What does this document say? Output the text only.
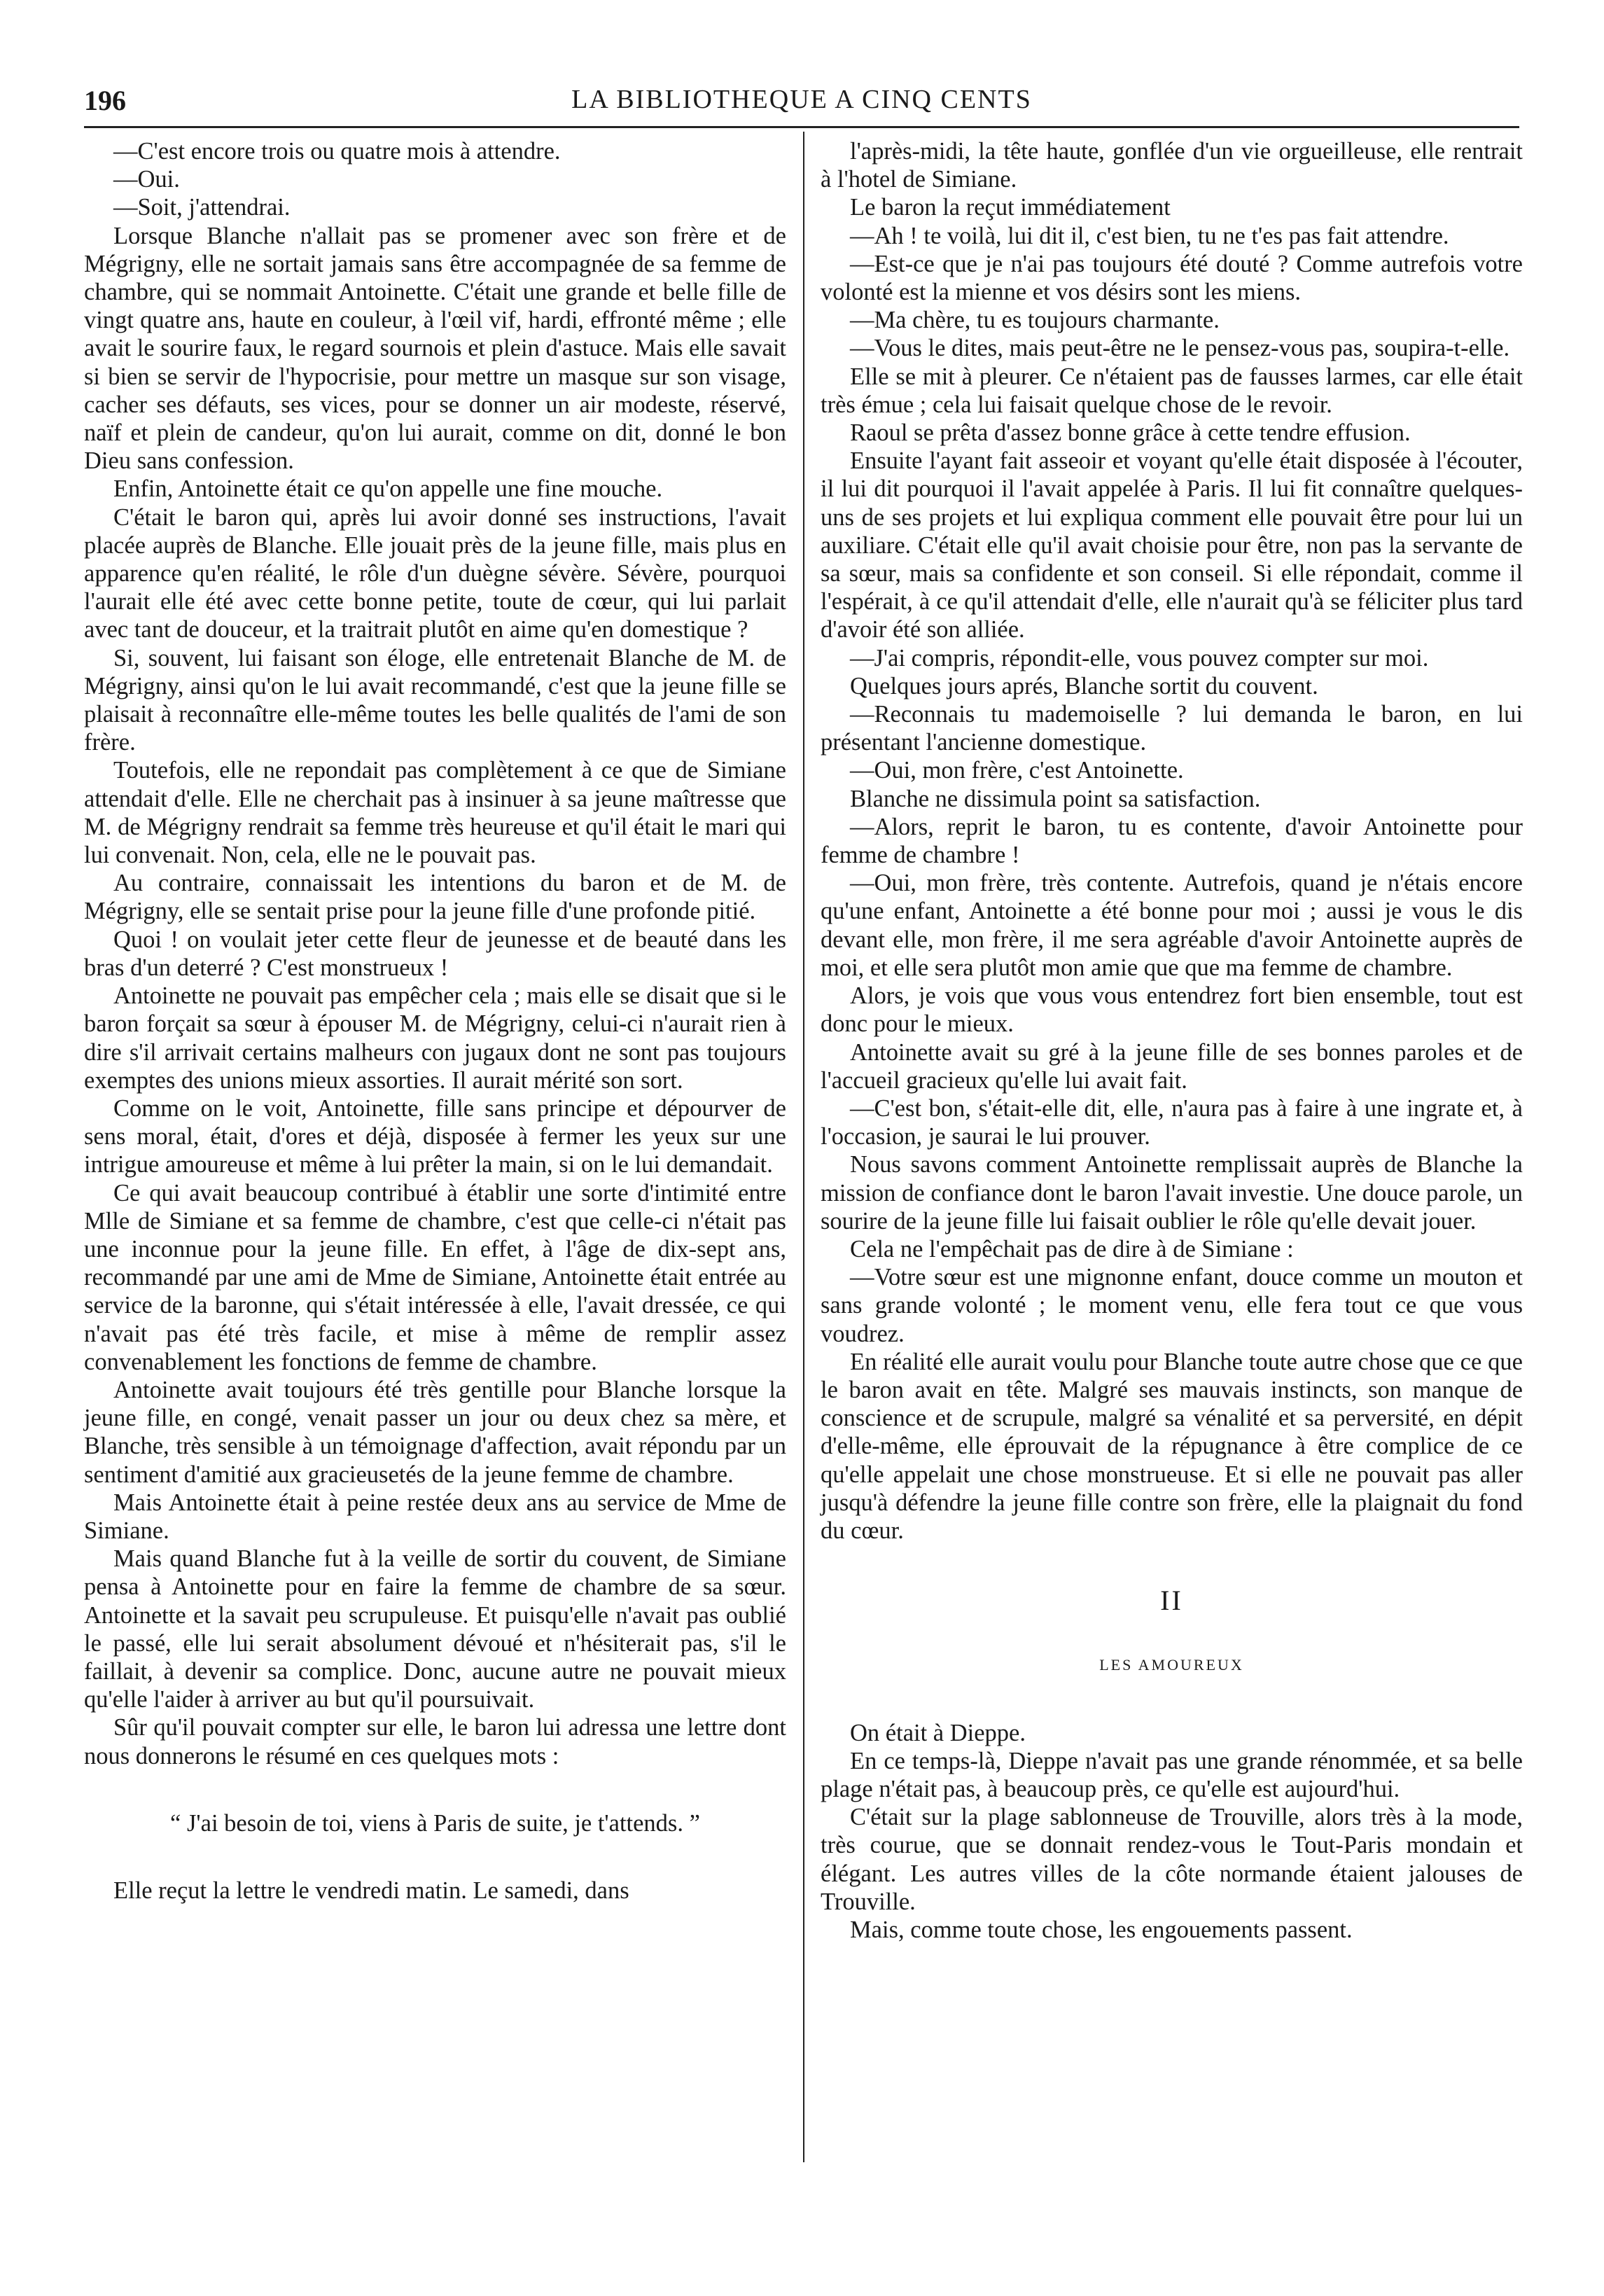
196	LA BIBLIOTHEQUE A CINQ CENTS

—C'est encore trois ou quatre mois à attendre.

—Oui.

—Soit, j'attendrai.

Lorsque Blanche n'allait pas se promener avec son frère et de Mégrigny, elle ne sortait jamais sans être accompagnée de sa femme de chambre, qui se nommait Antoinette. C'était une grande et belle fille de vingt quatre ans, haute en couleur, à l'œil vif, hardi, effronté même ; elle avait le sourire faux, le regard sournois et plein d'astuce. Mais elle savait si bien se servir de l'hypocrisie, pour mettre un masque sur son visage, cacher ses défauts, ses vices, pour se donner un air modeste, réservé, naïf et plein de candeur, qu'on lui aurait, comme on dit, donné le bon Dieu sans confession.

Enfin, Antoinette était ce qu'on appelle une fine mouche.

C'était le baron qui, après lui avoir donné ses instructions, l'avait placée auprès de Blanche. Elle jouait près de la jeune fille, mais plus en apparence qu'en réalité, le rôle d'un duègne sévère. Sévère, pourquoi l'aurait elle été avec cette bonne petite, toute de cœur, qui lui parlait avec tant de douceur, et la traitrait plutôt en aime qu'en domestique ?

Si, souvent, lui faisant son éloge, elle entretenait Blanche de M. de Mégrigny, ainsi qu'on le lui avait recommandé, c'est que la jeune fille se plaisait à reconnaître elle-même toutes les belle qualités de l'ami de son frère.

Toutefois, elle ne repondait pas complètement à ce que de Simiane attendait d'elle. Elle ne cherchait pas à insinuer à sa jeune maîtresse que M. de Mégrigny rendrait sa femme très heureuse et qu'il était le mari qui lui convenait. Non, cela, elle ne le pouvait pas.

Au contraire, connaissait les intentions du baron et de M. de Mégrigny, elle se sentait prise pour la jeune fille d'une profonde pitié.

Quoi ! on voulait jeter cette fleur de jeunesse et de beauté dans les bras d'un deterré ? C'est monstrueux !

Antoinette ne pouvait pas empêcher cela ; mais elle se disait que si le baron forçait sa sœur à épouser M. de Mégrigny, celui-ci n'aurait rien à dire s'il arrivait certains malheurs con jugaux dont ne sont pas toujours exemptes des unions mieux assorties. Il aurait mérité son sort.

Comme on le voit, Antoinette, fille sans principe et dépourver de sens moral, était, d'ores et déjà, disposée à fermer les yeux sur une intrigue amoureuse et même à lui prêter la main, si on le lui demandait.

Ce qui avait beaucoup contribué à établir une sorte d'intimité entre Mlle de Simiane et sa femme de chambre, c'est que celle-ci n'était pas une inconnue pour la jeune fille. En effet, à l'âge de dix-sept ans, recommandé par une ami de Mme de Simiane, Antoinette était entrée au service de la baronne, qui s'était intéressée à elle, l'avait dressée, ce qui n'avait pas été très facile, et mise à même de remplir assez convenablement les fonctions de femme de chambre.

Antoinette avait toujours été très gentille pour Blanche lorsque la jeune fille, en congé, venait passer un jour ou deux chez sa mère, et Blanche, très sensible à un témoignage d'affection, avait répondu par un sentiment d'amitié aux gracieusetés de la jeune femme de chambre.

Mais Antoinette était à peine restée deux ans au service de Mme de Simiane.

Mais quand Blanche fut à la veille de sortir du couvent, de Simiane pensa à Antoinette pour en faire la femme de chambre de sa sœur. Antoinette et la savait peu scrupuleuse. Et puisqu'elle n'avait pas oublié le passé, elle lui serait absolument dévoué et n'hésiterait pas, s'il le faillait, à devenir sa complice. Donc, aucune autre ne pouvait mieux qu'elle l'aider à arriver au but qu'il poursuivait.

Sûr qu'il pouvait compter sur elle, le baron lui adressa une lettre dont nous donnerons le résumé en ces quelques mots :

“ J'ai besoin de toi, viens à Paris de suite, je t'attends. ”

Elle reçut la lettre le vendredi matin. Le samedi, dans

l'après-midi, la tête haute, gonflée d'un vie orgueilleuse, elle rentrait à l'hotel de Simiane.

Le baron la reçut immédiatement

—Ah ! te voilà, lui dit il, c'est bien, tu ne t'es pas fait attendre.

—Est-ce que je n'ai pas toujours été douté ? Comme autrefois votre volonté est la mienne et vos désirs sont les miens.

—Ma chère, tu es toujours charmante.

—Vous le dites, mais peut-être ne le pensez-vous pas, soupira-t-elle.

Elle se mit à pleurer. Ce n'étaient pas de fausses larmes, car elle était très émue ; cela lui faisait quelque chose de le revoir.

Raoul se prêta d'assez bonne grâce à cette tendre effusion.

Ensuite l'ayant fait asseoir et voyant qu'elle était disposée à l'écouter, il lui dit pourquoi il l'avait appelée à Paris. Il lui fit connaître quelques-uns de ses projets et lui expliqua comment elle pouvait être pour lui un auxiliare. C'était elle qu'il avait choisie pour être, non pas la servante de sa sœur, mais sa confidente et son conseil. Si elle répondait, comme il l'espérait, à ce qu'il attendait d'elle, elle n'aurait qu'à se féliciter plus tard d'avoir été son alliée.

—J'ai compris, répondit-elle, vous pouvez compter sur moi.

Quelques jours aprés, Blanche sortit du couvent.

—Reconnais tu mademoiselle ? lui demanda le baron, en lui présentant l'ancienne domestique.

—Oui, mon frère, c'est Antoinette.

Blanche ne dissimula point sa satisfaction.

—Alors, reprit le baron, tu es contente, d'avoir Antoinette pour femme de chambre !

—Oui, mon frère, très contente. Autrefois, quand je n'étais encore qu'une enfant, Antoinette a été bonne pour moi ; aussi je vous le dis devant elle, mon frère, il me sera agréable d'avoir Antoinette auprès de moi, et elle sera plutôt mon amie que que ma femme de chambre.

Alors, je vois que vous vous entendrez fort bien ensemble, tout est donc pour le mieux.

Antoinette avait su gré à la jeune fille de ses bonnes paroles et de l'accueil gracieux qu'elle lui avait fait.

—C'est bon, s'était-elle dit, elle, n'aura pas à faire à une ingrate et, à l'occasion, je saurai le lui prouver.

Nous savons comment Antoinette remplissait auprès de Blanche la mission de confiance dont le baron l'avait investie. Une douce parole, un sourire de la jeune fille lui faisait oublier le rôle qu'elle devait jouer.

Cela ne l'empêchait pas de dire à de Simiane :

—Votre sœur est une mignonne enfant, douce comme un mouton et sans grande volonté ; le moment venu, elle fera tout ce que vous voudrez.

En réalité elle aurait voulu pour Blanche toute autre chose que ce que le baron avait en tête. Malgré ses mauvais instincts, son manque de conscience et de scrupule, malgré sa vénalité et sa perversité, en dépit d'elle-même, elle éprouvait de la répugnance à être complice de ce qu'elle appelait une chose monstrueuse. Et si elle ne pouvait pas aller jusqu'à défendre la jeune fille contre son frère, elle la plaignait du fond du cœur.

II
LES AMOUREUX

On était à Dieppe.

En ce temps-là, Dieppe n'avait pas une grande rénommée, et sa belle plage n'était pas, à beaucoup près, ce qu'elle est aujourd'hui.

C'était sur la plage sablonneuse de Trouville, alors très à la mode, très courue, que se donnait rendez-vous le Tout-Paris mondain et élégant. Les autres villes de la côte normande étaient jalouses de Trouville.

Mais, comme toute chose, les engouements passent.
